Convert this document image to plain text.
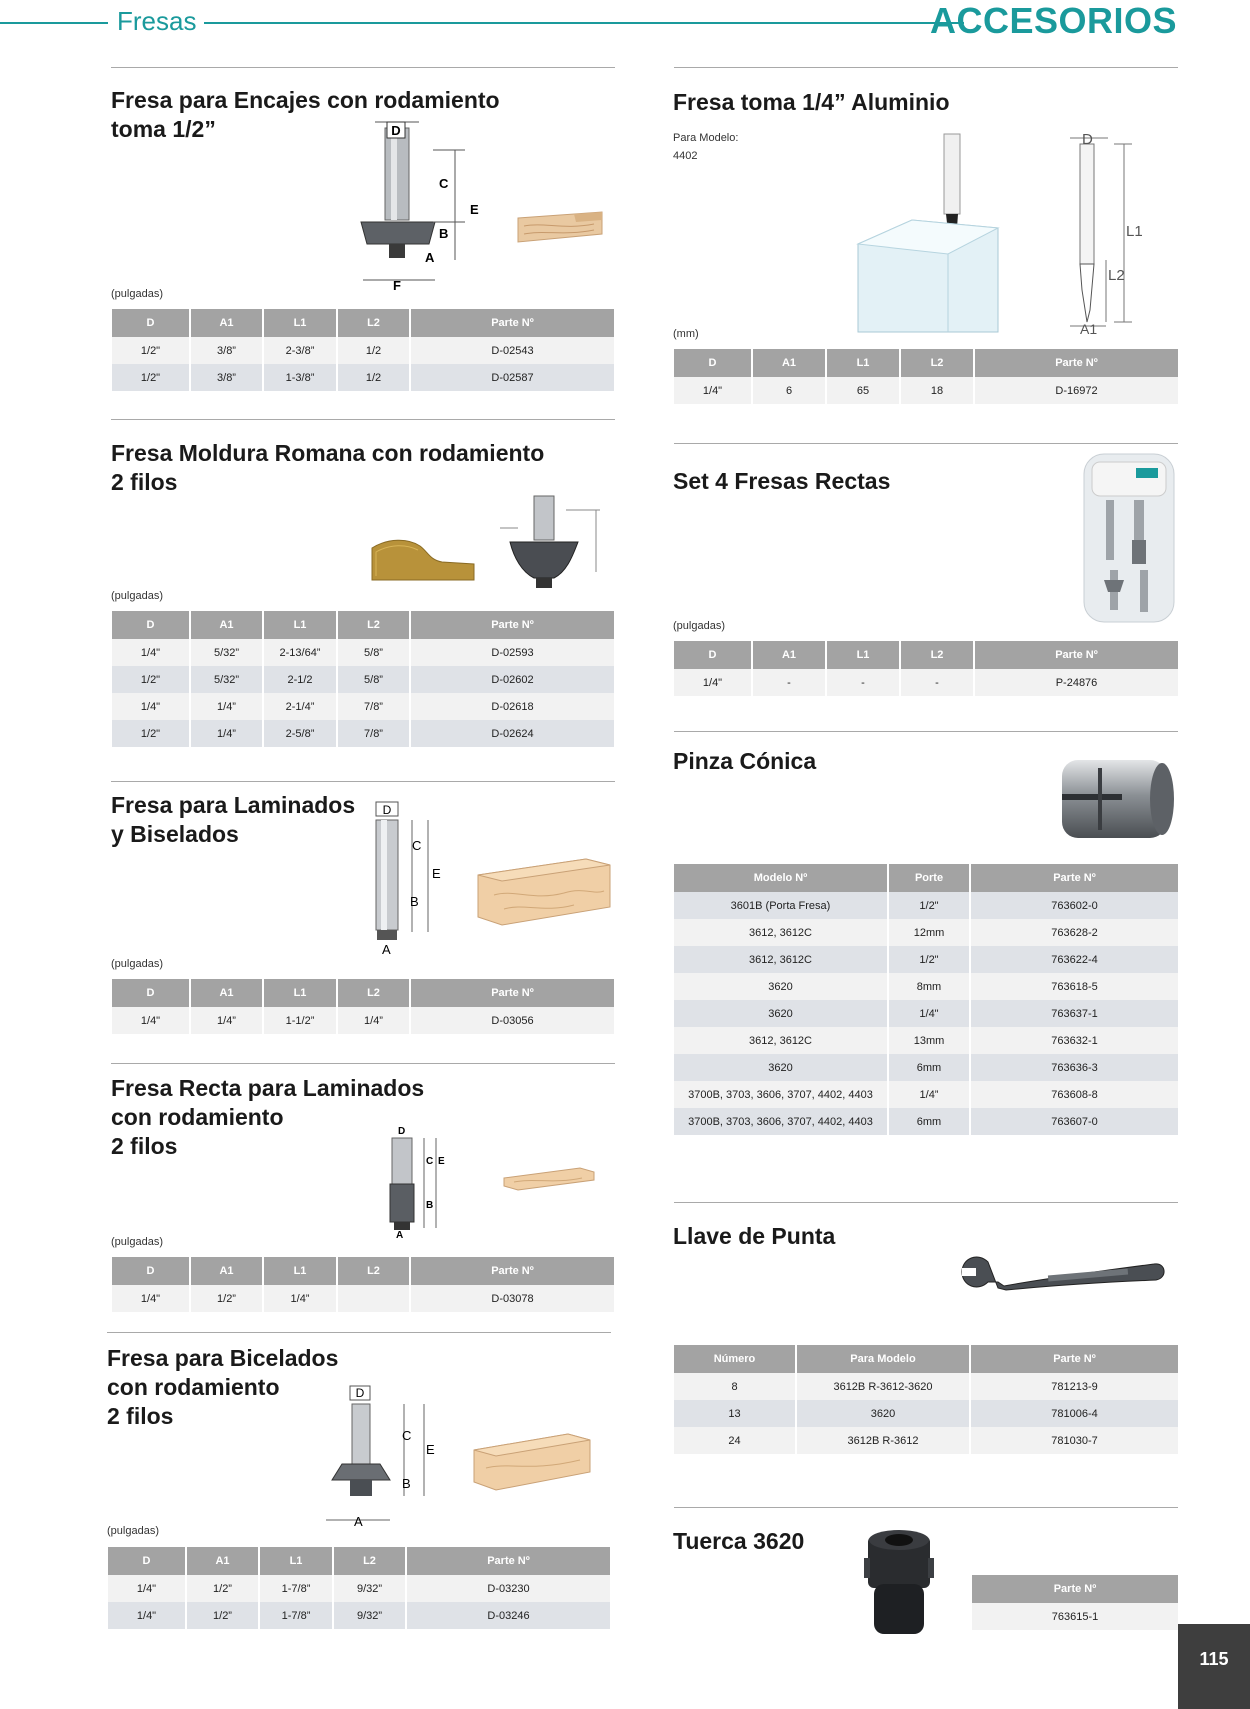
Fresas	ACCESORIOS
Fresa para Encajes con rodamiento
toma 1/2”	D
E
C
B
A
F
(pulgadas)
D	A1	L1	L2	Parte Nº
1/2"	3/8”	2-3/8”	1/2	D-02543
1/2"	3/8”	1-3/8”	1/2	D-02587
Fresa toma 1/4” Aluminio
Para Modelo:
4402
D
L1
L2
A1
(mm)
D	A1	L1	L2	Parte Nº
1/4"	6	65	18	D-16972
Fresa Moldura Romana con rodamiento
2 filos
(pulgadas)
D	A1	L1	L2	Parte Nº
1/4"	5/32”	2-13/64”	5/8”	D-02593
1/2"	5/32”	2-1/2	5/8”	D-02602
1/4"	1/4”	2-1/4”	7/8”	D-02618
1/2"	1/4”	2-5/8”	7/8”	D-02624
Set 4 Fresas Rectas
(pulgadas)
D	A1	L1	L2	Parte Nº
1/4"	-	-	-	P-24876
Fresa para Laminados
y Biselados
D
C
E
B
A
(pulgadas)
D	A1	L1	L2	Parte Nº
1/4"	1/4”	1-1/2”	1/4”	D-03056
Pinza Cónica
Modelo Nº	Porte	Parte Nº
3601B (Porta Fresa)	1/2"	763602-0
3612, 3612C	12mm	763628-2
3612, 3612C	1/2"	763622-4
3620	8mm	763618-5
3620	1/4"	763637-1
3612, 3612C	13mm	763632-1
3620	6mm	763636-3
3700B, 3703, 3606, 3707, 4402, 4403	1/4”	763608-8
3700B, 3703, 3606, 3707, 4402, 4403	6mm	763607-0
Fresa Recta para Laminados
con rodamiento
2 filos
D
C E
B
A
(pulgadas)
D	A1	L1	L2	Parte Nº
1/4"	1/2”	1/4”		D-03078
Llave de Punta
Número	Para Modelo	Parte Nº
8	3612B R-3612-3620	781213-9
13	3620	781006-4
24	3612B R-3612	781030-7
Fresa para Bicelados
con rodamiento
2 filos
D
C
E
B
A
(pulgadas)
D	A1	L1	L2	Parte Nº
1/4"	1/2”	1-7/8”	9/32”	D-03230
1/4"	1/2”	1-7/8”	9/32”	D-03246
Tuerca 3620
Parte Nº
763615-1
115
